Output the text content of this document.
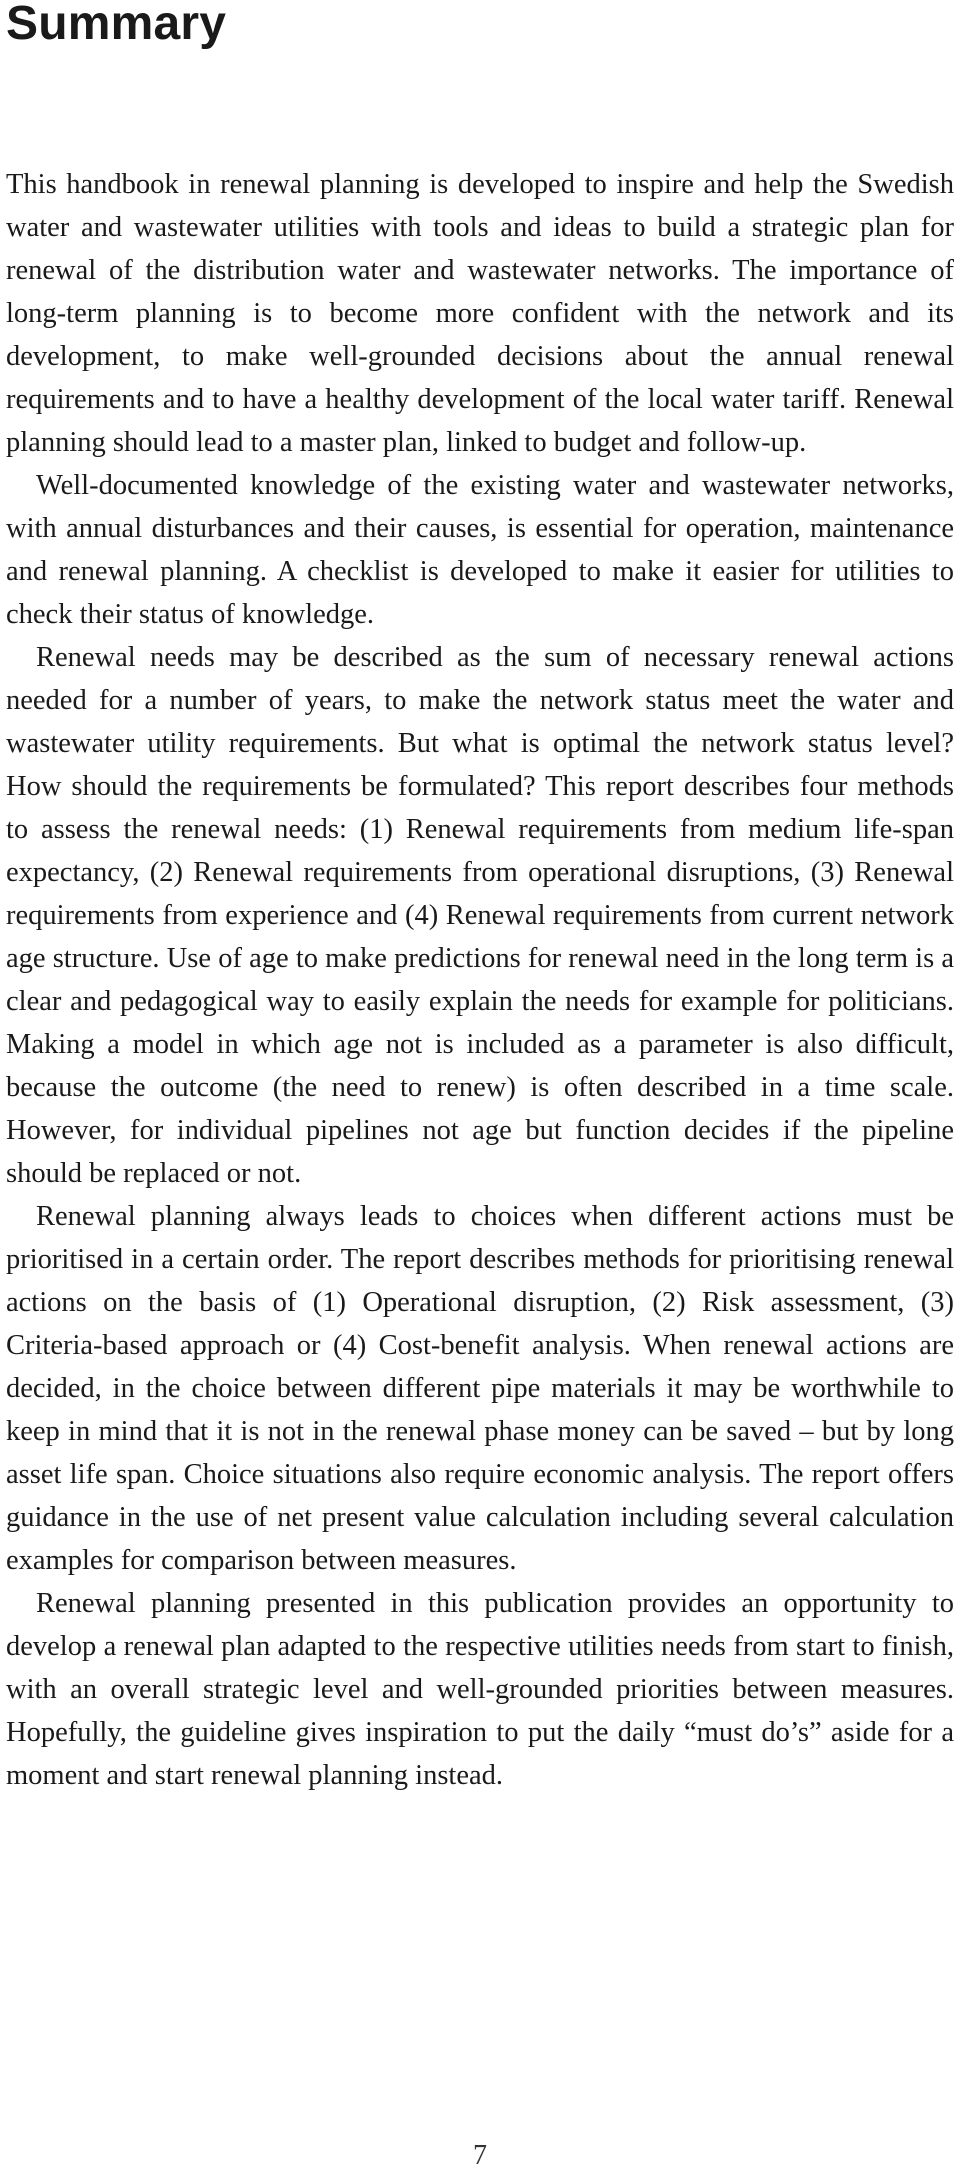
Summary

This handbook in renewal planning is developed to inspire and help the Swedish water and wastewater utilities with tools and ideas to build a strategic plan for renewal of the distribution water and wastewater networks. The importance of long-term planning is to become more confident with the network and its development, to make well-grounded decisions about the annual renewal requirements and to have a healthy development of the local water tariff. Renewal planning should lead to a master plan, linked to budget and follow-up.

Well-documented knowledge of the existing water and wastewater networks, with annual disturbances and their causes, is essential for operation, maintenance and renewal planning. A checklist is developed to make it easier for utilities to check their status of knowledge.

Renewal needs may be described as the sum of necessary renewal actions needed for a number of years, to make the network status meet the water and wastewater utility requirements. But what is optimal the network status level? How should the requirements be formulated? This report describes four methods to assess the renewal needs: (1) Renewal requirements from medium life-span expectancy, (2) Renewal requirements from operational disruptions, (3) Renewal requirements from experience and (4) Renewal requirements from current network age structure. Use of age to make predictions for renewal need in the long term is a clear and pedagogical way to easily explain the needs for example for politicians. Making a model in which age not is included as a parameter is also difficult, because the outcome (the need to renew) is often described in a time scale. However, for individual pipelines not age but function decides if the pipeline should be replaced or not.

Renewal planning always leads to choices when different actions must be prioritised in a certain order. The report describes methods for prioritising renewal actions on the basis of (1) Operational disruption, (2) Risk assessment, (3) Criteria-based approach or (4) Cost-benefit analysis. When renewal actions are decided, in the choice between different pipe materials it may be worthwhile to keep in mind that it is not in the renewal phase money can be saved – but by long asset life span. Choice situations also require economic analysis. The report offers guidance in the use of net present value calculation including several calculation examples for comparison between measures.

Renewal planning presented in this publication provides an opportunity to develop a renewal plan adapted to the respective utilities needs from start to finish, with an overall strategic level and well-grounded priorities between measures. Hopefully, the guideline gives inspiration to put the daily “must do’s” aside for a moment and start renewal planning instead.

7
